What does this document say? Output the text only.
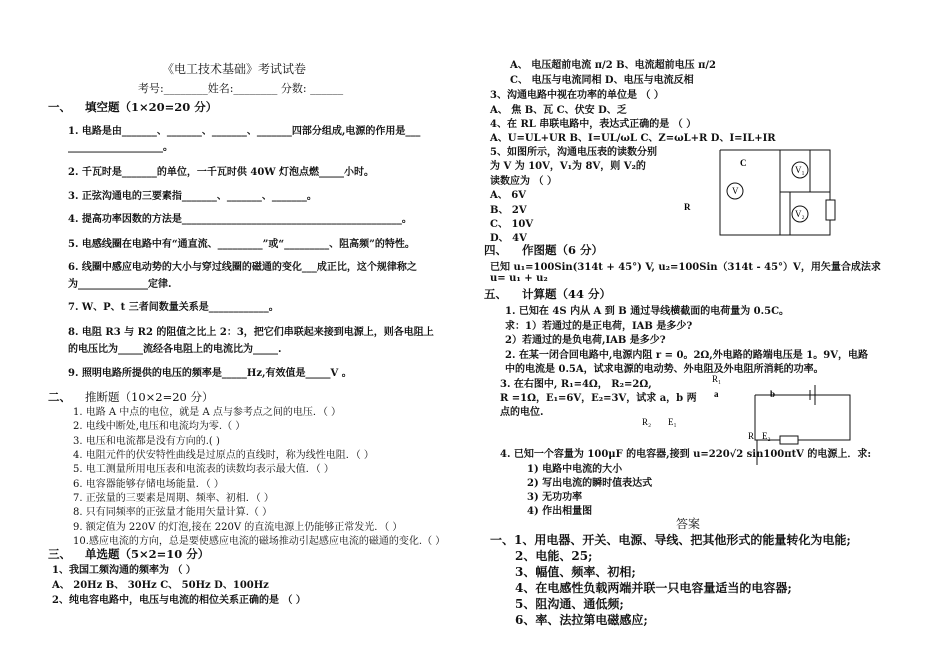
《电工技术基础》考试试卷
考号:________姓名:________ 分数: ______
一、 填空题（1×20=20 分）
1. 电路是由_______、_______、_______、_______四部分组成,电源的作用是___
___________________。
2. 千瓦时是_______的单位，一千瓦时供 40W 灯泡点燃_____小时。
3. 正弦沟通电的三要素指_______、_______、_______。
4. 提高功率因数的方法是____________________________________________。
5. 电感线圈在电路中有“通直流、_________”或“_________、阻高频”的特性。
6. 线圈中感应电动势的大小与穿过线圈的磁通的变化___成正比，这个规律称之
为______________定律.
7. W、P、t 三者间数量关系是____________。
8. 电阻 R3 与 R2 的阻值之比上 2：3，把它们串联起来接到电源上，则各电阻上
的电压比为_____流经各电阻上的电流比为_____.
9. 照明电路所提供的电压的频率是_____Hz,有效值是_____V 。
二、 推断题（10×2=20 分）
1. 电路 A 中点的电位，就是 A 点与参考点之间的电压．（ ）
2. 电线中断处,电压和电流均为零.（ ）
3. 电压和电流都是没有方向的.( )
4. 电阻元件的伏安特性曲线是过原点的直线时，称为线性电阻．（ ）
5. 电工测量所用电压表和电流表的读数均表示最大值．（ ）
6. 电容器能够存储电场能量．（ ）
7. 正弦量的三要素是周期、频率、初相．（ ）
8. 只有同频率的正弦量才能用矢量计算.（ ）
9. 额定值为 220V 的灯泡,接在 220V 的直流电源上仍能够正常发光．（ ）
10.感应电流的方向，总是要使感应电流的磁场推动引起感应电流的磁通的变化.（ ）
三、 单选题（5×2=10 分）
1、我国工频沟通的频率为 （ ）
A、 20Hz B、 30Hz C、 50Hz D、100Hz
2、纯电容电路中，电压与电流的相位关系正确的是 （ ）
A、 电压超前电流 π/2 B、电流超前电压 π/2
C、 电压与电流同相 D、电压与电流反相
3、沟通电路中视在功率的单位是 （ ）
A、 焦 B、瓦 C、伏安 D、乏
4、在 RL 串联电路中，表达式正确的是 （ ）
A、U=UL+UR B、I=UL/ωL C、Z=ωL+R D、I=IL+IR
5、如图所示，沟通电压表的读数分别
为 V 为 10V，V₁为 8V，则 V₂的
读数应为 （ ）
A、 6V
B、 2V
C、 10V
D、 4V
V
V₁
V₂
C
R
四、 作图题（6 分）
已知 u₁=100Sin(314t + 45°) V, u₂=100Sin（314t - 45°）V，用矢量合成法求
u= u₁ + u₂
五、 计算题（44 分）
1. 已知在 4S 内从 A 到 B 通过导线横截面的电荷量为 0.5C。
求：1）若通过的是正电荷，IAB 是多少?
2）若通过的是负电荷,IAB 是多少?
2. 在某一闭合回电路中,电源内阻 r = 0。2Ω,外电路的路端电压是 1。9V，电路
中的电流是 0.5A，试求电源的电动势、外电阻及外电阻所消耗的功率。
3. 在右图中, R₁=4Ω， R₂=2Ω,
R =1Ω，E₁=6V，E₂=3V，试求 a，b 两
点的电位.
4. 已知一个容量为 100μF 的电容器,接到 u=220√2 sin100πtV 的电源上．求:
1) 电路中电流的大小
2) 写出电流的瞬时值表达式
3) 无功功率
4) 作出相量图
R₁
a	b
R₂ E₁
R E₂
答案
一、1、用电器、开关、电源、导线、把其他形式的能量转化为电能;
2、电能、25;
3、幅值、频率、初相;
4、在电感性负载两端并联一只电容量适当的电容器;
5、阻沟通、通低频;
6、率、法拉第电磁感应;
